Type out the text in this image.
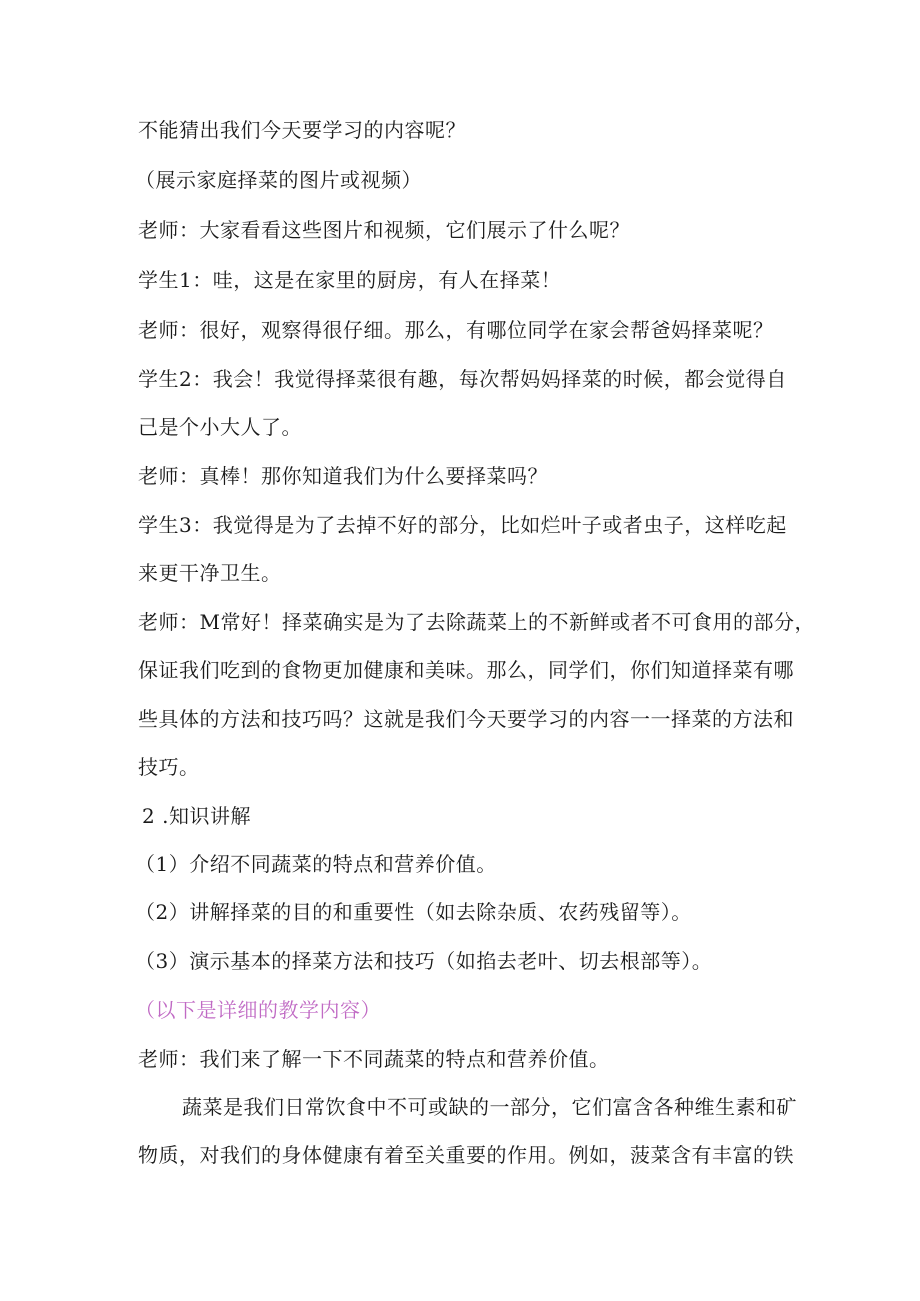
不能猜出我们今天要学习的内容呢？
（展示家庭择菜的图片或视频）
老师：大家看看这些图片和视频，它们展示了什么呢？
学生1：哇，这是在家里的厨房，有人在择菜！
老师：很好，观察得很仔细。那么，有哪位同学在家会帮爸妈择菜呢？
学生2：我会！我觉得择菜很有趣，每次帮妈妈择菜的时候，都会觉得自
己是个小大人了。
老师：真棒！那你知道我们为什么要择菜吗？
学生3：我觉得是为了去掉不好的部分，比如烂叶子或者虫子，这样吃起
来更干净卫生。
老师：M常好！择菜确实是为了去除蔬菜上的不新鲜或者不可食用的部分，
保证我们吃到的食物更加健康和美味。那么，同学们，你们知道择菜有哪
些具体的方法和技巧吗？这就是我们今天要学习的内容一一择菜的方法和
技巧。
2 .知识讲解
（1）介绍不同蔬菜的特点和营养价值。
（2）讲解择菜的目的和重要性（如去除杂质、农药残留等）。
（3）演示基本的择菜方法和技巧（如掐去老叶、切去根部等）。
（以下是详细的教学内容）
老师：我们来了解一下不同蔬菜的特点和营养价值。
蔬菜是我们日常饮食中不可或缺的一部分，它们富含各种维生素和矿
物质，对我们的身体健康有着至关重要的作用。例如，菠菜含有丰富的铁
